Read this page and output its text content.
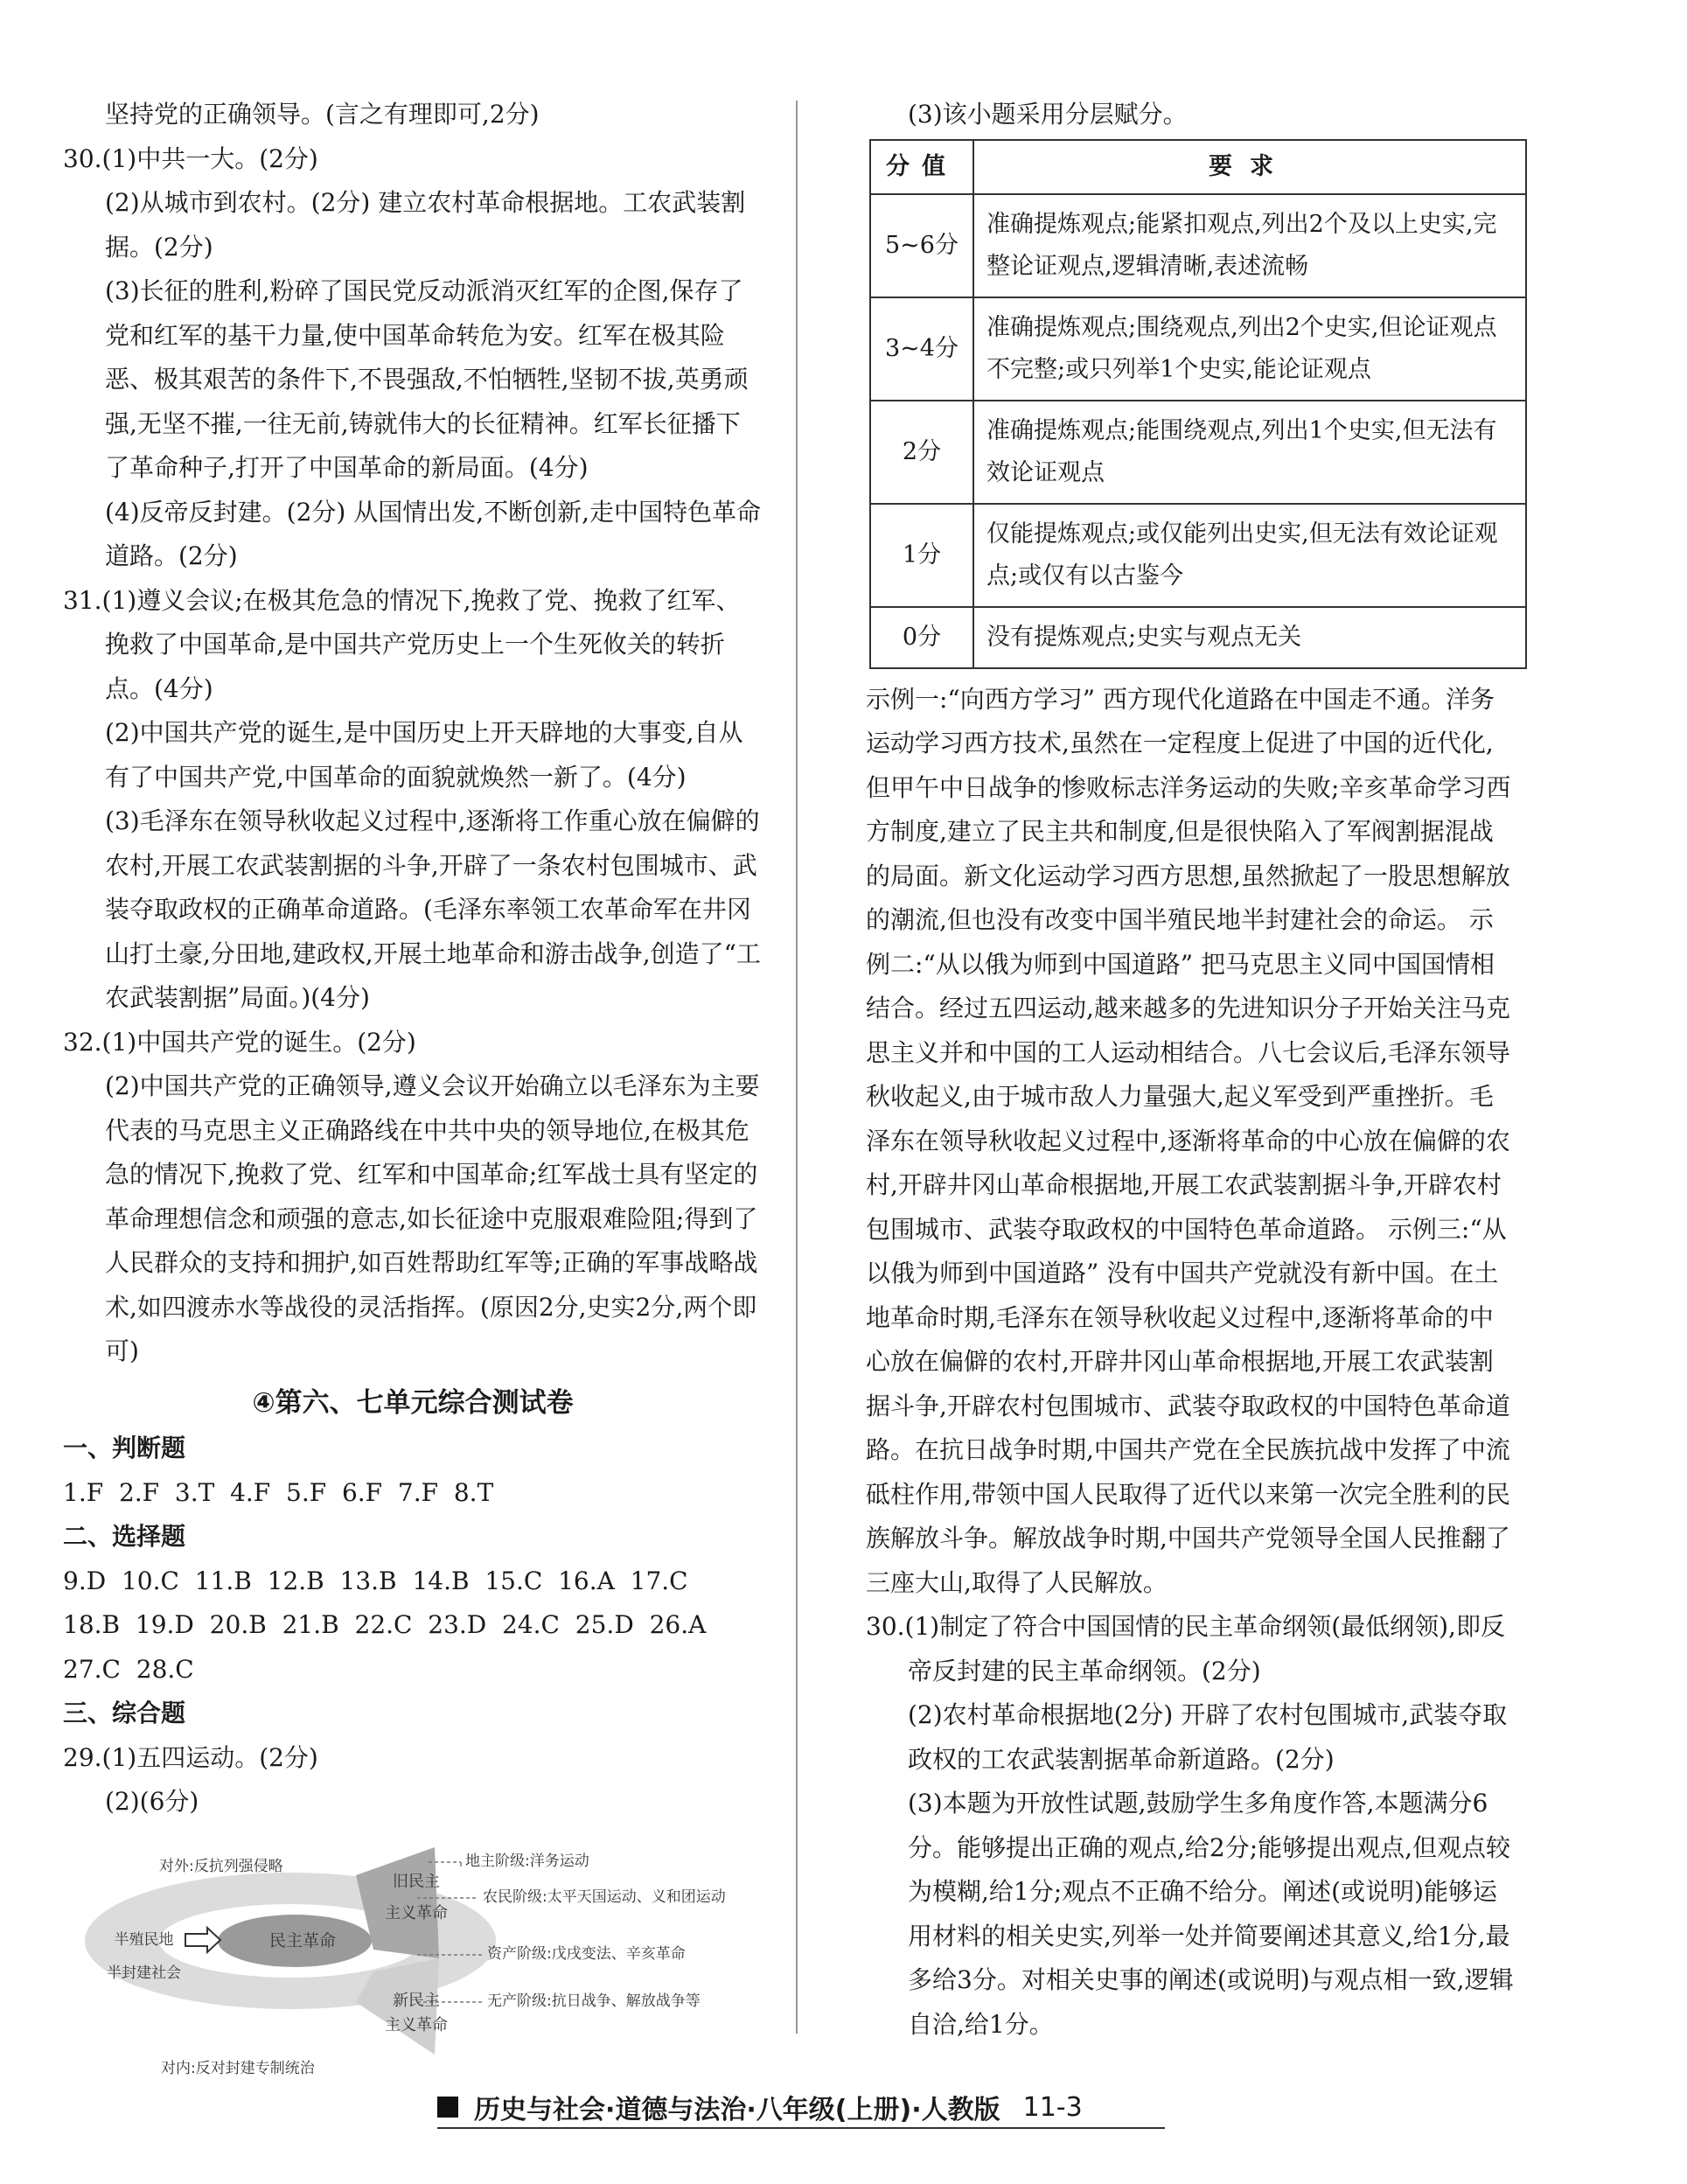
坚持党的正确领导。(言之有理即可,2分)

30.(1)中共一大。(2分)

(2)从城市到农村。(2分) 建立农村革命根据地。工农武装割据。(2分)

(3)长征的胜利,粉碎了国民党反动派消灭红军的企图,保存了党和红军的基干力量,使中国革命转危为安。红军在极其险恶、极其艰苦的条件下,不畏强敌,不怕牺牲,坚韧不拔,英勇顽强,无坚不摧,一往无前,铸就伟大的长征精神。红军长征播下了革命种子,打开了中国革命的新局面。(4分)

(4)反帝反封建。(2分) 从国情出发,不断创新,走中国特色革命道路。(2分)

31.(1)遵义会议;在极其危急的情况下,挽救了党、挽救了红军、挽救了中国革命,是中国共产党历史上一个生死攸关的转折点。(4分)

(2)中国共产党的诞生,是中国历史上开天辟地的大事变,自从有了中国共产党,中国革命的面貌就焕然一新了。(4分)

(3)毛泽东在领导秋收起义过程中,逐渐将工作重心放在偏僻的农村,开展工农武装割据的斗争,开辟了一条农村包围城市、武装夺取政权的正确革命道路。(毛泽东率领工农革命军在井冈山打土豪,分田地,建政权,开展土地革命和游击战争,创造了“工农武装割据”局面。)(4分)

32.(1)中国共产党的诞生。(2分)

(2)中国共产党的正确领导,遵义会议开始确立以毛泽东为主要代表的马克思主义正确路线在中共中央的领导地位,在极其危急的情况下,挽救了党、红军和中国革命;红军战士具有坚定的革命理想信念和顽强的意志,如长征途中克服艰难险阻;得到了人民群众的支持和拥护,如百姓帮助红军等;正确的军事战略战术,如四渡赤水等战役的灵活指挥。(原因2分,史实2分,两个即可)

④第六、七单元综合测试卷

一、判断题

1.F  2.F  3.T  4.F  5.F  6.F  7.F  8.T

二、选择题

9.D  10.C  11.B  12.B  13.B  14.B  15.C  16.A  17.C

18.B  19.D  20.B  21.B  22.C  23.D  24.C  25.D  26.A

27.C  28.C

三、综合题

29.(1)五四运动。(2分)

(2)(6分)

对外:反抗列强侵略
对内:反对封建专制统治
半殖民地
半封建社会
民主革命
旧民主
主义革命
新民主
主义革命
地主阶级:洋务运动
农民阶级:太平天国运动、义和团运动
资产阶级:戊戌变法、辛亥革命
无产阶级:抗日战争、解放战争等

(3)该小题采用分层赋分。

分值	要求
5~6分	准确提炼观点;能紧扣观点,列出2个及以上史实,完整论证观点,逻辑清晰,表述流畅
3~4分	准确提炼观点;围绕观点,列出2个史实,但论证观点不完整;或只列举1个史实,能论证观点
2分	准确提炼观点;能围绕观点,列出1个史实,但无法有效论证观点
1分	仅能提炼观点;或仅能列出史实,但无法有效论证观点;或仅有以古鉴今
0分	没有提炼观点;史实与观点无关

示例一:“向西方学习” 西方现代化道路在中国走不通。洋务运动学习西方技术,虽然在一定程度上促进了中国的近代化,但甲午中日战争的惨败标志洋务运动的失败;辛亥革命学习西方制度,建立了民主共和制度,但是很快陷入了军阀割据混战的局面。新文化运动学习西方思想,虽然掀起了一股思想解放的潮流,但也没有改变中国半殖民地半封建社会的命运。 示例二:“从以俄为师到中国道路” 把马克思主义同中国国情相结合。经过五四运动,越来越多的先进知识分子开始关注马克思主义并和中国的工人运动相结合。八七会议后,毛泽东领导秋收起义,由于城市敌人力量强大,起义军受到严重挫折。毛泽东在领导秋收起义过程中,逐渐将革命的中心放在偏僻的农村,开辟井冈山革命根据地,开展工农武装割据斗争,开辟农村包围城市、武装夺取政权的中国特色革命道路。 示例三:“从以俄为师到中国道路” 没有中国共产党就没有新中国。在土地革命时期,毛泽东在领导秋收起义过程中,逐渐将革命的中心放在偏僻的农村,开辟井冈山革命根据地,开展工农武装割据斗争,开辟农村包围城市、武装夺取政权的中国特色革命道路。在抗日战争时期,中国共产党在全民族抗战中发挥了中流砥柱作用,带领中国人民取得了近代以来第一次完全胜利的民族解放斗争。解放战争时期,中国共产党领导全国人民推翻了三座大山,取得了人民解放。

30.(1)制定了符合中国国情的民主革命纲领(最低纲领),即反帝反封建的民主革命纲领。(2分)

(2)农村革命根据地(2分) 开辟了农村包围城市,武装夺取政权的工农武装割据革命新道路。(2分)

(3)本题为开放性试题,鼓励学生多角度作答,本题满分6分。能够提出正确的观点,给2分;能够提出观点,但观点较为模糊,给1分;观点不正确不给分。阐述(或说明)能够运用材料的相关史实,列举一处并简要阐述其意义,给1分,最多给3分。对相关史事的阐述(或说明)与观点相一致,逻辑自洽,给1分。

历史与社会·道德与法治·八年级(上册)·人教版 11-3
